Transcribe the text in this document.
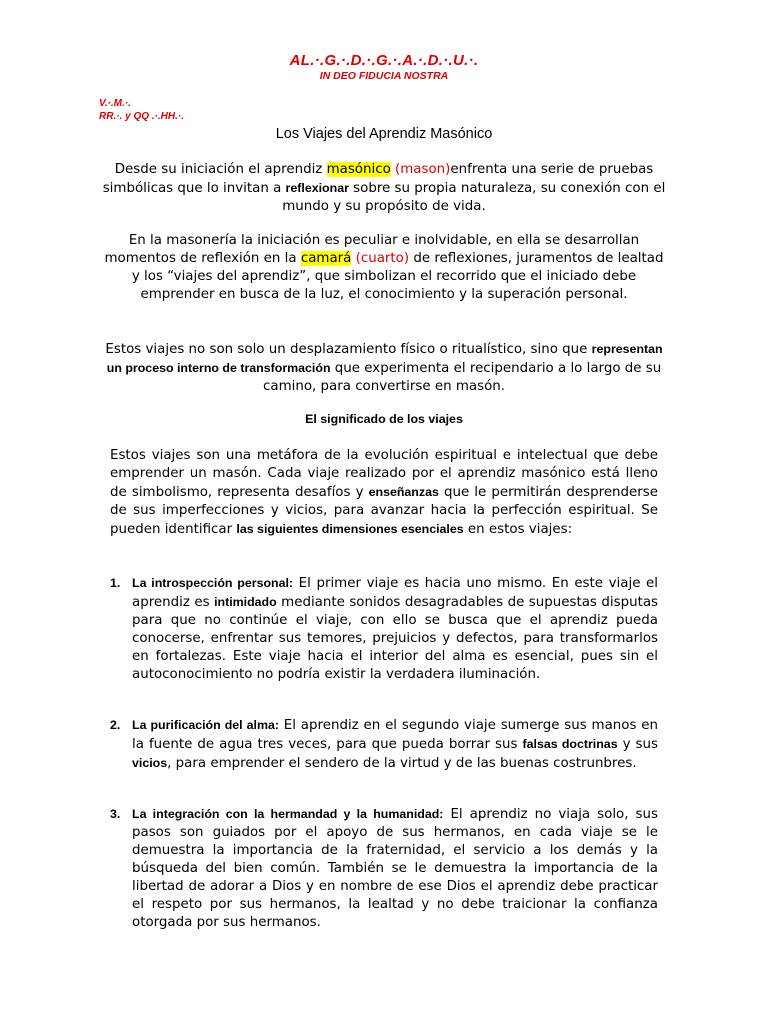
AL.·.G.·.D.·.G.·.A.·.D.·.U.·.
IN DEO FIDUCIA NOSTRA
V.·.M.·.
RR.·. y QQ .·.HH.·.
Los Viajes del Aprendiz Masónico

Desde su iniciación el aprendiz masónico (mason)enfrenta una serie de pruebas simbólicas que lo invitan a reflexionar sobre su propia naturaleza, su conexión con el mundo y su propósito de vida.

En la masonería la iniciación es peculiar e inolvidable, en ella se desarrollan momentos de reflexión en la camará (cuarto) de reflexiones, juramentos de lealtad y los “viajes del aprendiz”, que simbolizan el recorrido que el iniciado debe emprender en busca de la luz, el conocimiento y la superación personal.

Estos viajes no son solo un desplazamiento físico o ritualístico, sino que representan un proceso interno de transformación que experimenta el recipendario a lo largo de su camino, para convertirse en masón.

El significado de los viajes

Estos viajes son una metáfora de la evolución espiritual e intelectual que debe emprender un masón. Cada viaje realizado por el aprendiz masónico está lleno de simbolismo, representa desafíos y enseñanzas que le permitirán desprenderse de sus imperfecciones y vicios, para avanzar hacia la perfección espiritual. Se pueden identificar las siguientes dimensiones esenciales en estos viajes:

1. La introspección personal: El primer viaje es hacia uno mismo. En este viaje el aprendiz es intimidado mediante sonidos desagradables de supuestas disputas para que no continúe el viaje, con ello se busca que el aprendiz pueda conocerse, enfrentar sus temores, prejuicios y defectos, para transformarlos en fortalezas. Este viaje hacia el interior del alma es esencial, pues sin el autoconocimiento no podría existir la verdadera iluminación.

2. La purificación del alma: El aprendiz en el segundo viaje sumerge sus manos en la fuente de agua tres veces, para que pueda borrar sus falsas doctrinas y sus vicios, para emprender el sendero de la virtud y de las buenas costrunbres.

3. La integración con la hermandad y la humanidad: El aprendiz no viaja solo, sus pasos son guiados por el apoyo de sus hermanos, en cada viaje se le demuestra la importancia de la fraternidad, el servicio a los demás y la búsqueda del bien común. También se le demuestra la importancia de la libertad de adorar a Dios y en nombre de ese Dios el aprendiz debe practicar el respeto por sus hermanos, la lealtad y no debe traicionar la confianza otorgada por sus hermanos.
